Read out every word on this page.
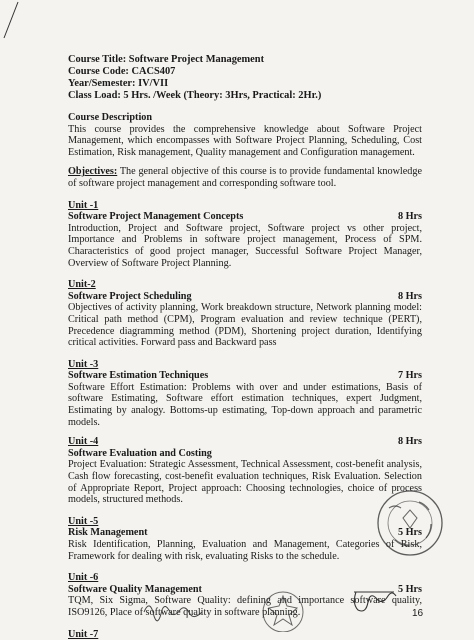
Course Title: Software Project Management

Course Code: CACS407

Year/Semester: IV/VII

Class Load: 5 Hrs. /Week (Theory: 3Hrs, Practical: 2Hr.)

Course Description

This course provides the comprehensive knowledge about Software Project Management, which encompasses with Software Project Planning, Scheduling, Cost Estimation, Risk management, Quality management and Configuration management.

Objectives: The general objective of this course is to provide fundamental knowledge of software project management and corresponding software tool.

Unit -1

Software Project Management Concepts	8 Hrs

Introduction, Project and Software project, Software project vs other project, Importance and Problems in software project management, Process of SPM. Characteristics of good project manager, Successful Software Project Manager, Overview of Software Project Planning.

Unit-2

Software Project Scheduling	8 Hrs

Objectives of activity planning, Work breakdown structure, Network planning model: Critical path method (CPM), Program evaluation and review technique (PERT), Precedence diagramming method (PDM), Shortening project duration, Identifying critical activities. Forward pass and Backward pass

Unit -3

Software Estimation Techniques	7 Hrs

Software Effort Estimation: Problems with over and under estimations, Basis of software Estimating, Software effort estimation techniques, expert Judgment, Estimating by analogy. Bottoms-up estimating, Top-down approach and parametric models.

Unit -4	8 Hrs

Software Evaluation and Costing

Project Evaluation: Strategic Assessment, Technical Assessment, cost-benefit analysis, Cash flow forecasting, cost-benefit evaluation techniques, Risk Evaluation. Selection of Appropriate Report, Project approach: Choosing technologies, choice of process models, structured methods.

Unit -5

Risk Management	5 Hrs

Risk Identification, Planning, Evaluation and Management, Categories of Risk, Framework for dealing with risk, evaluating Risks to the schedule.

Unit -6

Software Quality Management	5 Hrs

TQM, Six Sigma, Software Quality: defining and importance software quality, ISO9126, Place of software quality in software planning.

Unit -7

16
